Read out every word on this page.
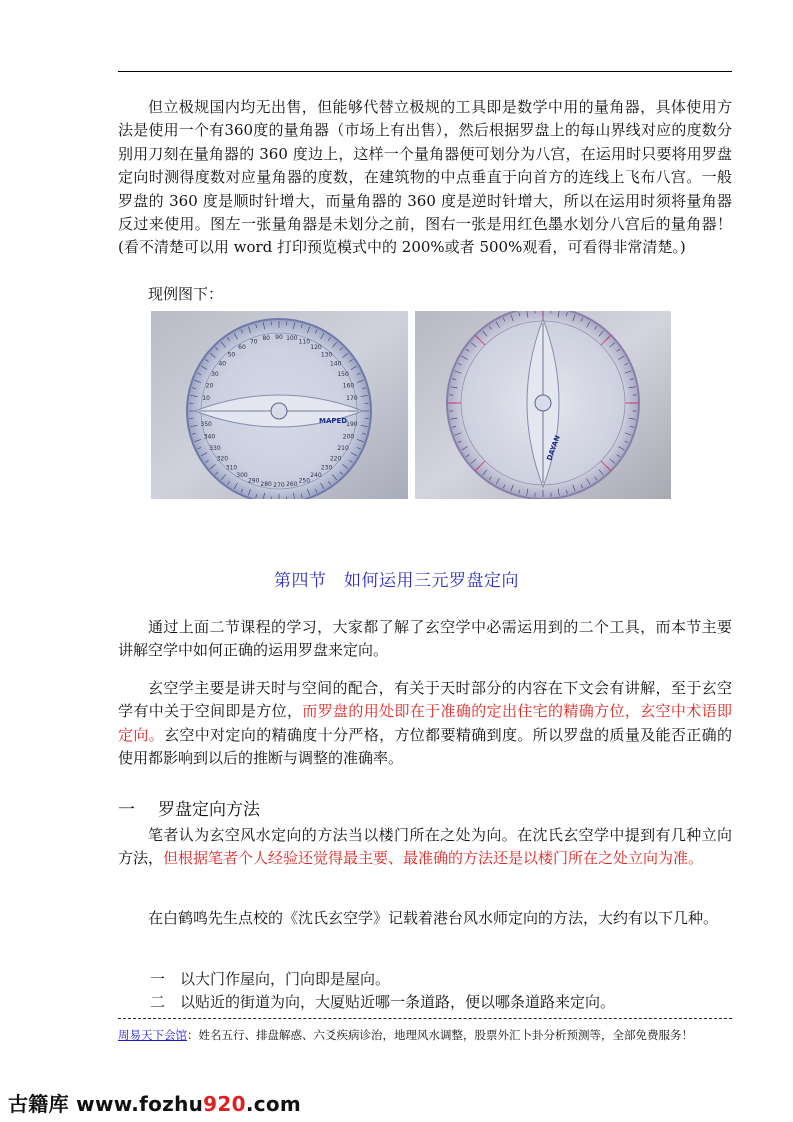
但立极规国内均无出售，但能够代替立极规的工具即是数学中用的量角器，具体使用方法是使用一个有360度的量角器（市场上有出售），然后根据罗盘上的每山界线对应的度数分别用刀刻在量角器的 360 度边上，这样一个量角器便可划分为八宫，在运用时只要将用罗盘定向时测得度数对应量角器的度数，在建筑物的中点垂直于向首方的连线上飞布八宫。一般罗盘的 360 度是顺时针增大，而量角器的 360 度是逆时针增大，所以在运用时须将量角器反过来使用。图左一张量角器是未划分之前，图右一张是用红色墨水划分八宫后的量角器！(看不清楚可以用 word 打印预览模式中的 200%或者 500%观看，可看得非常清楚。)

现例图下：

90 100 110
120
130
140
150
160
170
190
200
210
220
230
240
250
260
270
280
290
300
310
320
330
340
350
10
20
30
40
50
60
70 80
MAPED
DAYAN
第四节　如何运用三元罗盘定向

通过上面二节课程的学习，大家都了解了玄空学中必需运用到的二个工具，而本节主要讲解空学中如何正确的运用罗盘来定向。

玄空学主要是讲天时与空间的配合，有关于天时部分的内容在下文会有讲解，至于玄空学有中关于空间即是方位，而罗盘的用处即在于准确的定出住宅的精确方位，玄空中术语即定向。玄空中对定向的精确度十分严格，方位都要精确到度。所以罗盘的质量及能否正确的使用都影响到以后的推断与调整的准确率。

一 罗盘定向方法

笔者认为玄空风水定向的方法当以楼门所在之处为向。在沈氏玄空学中提到有几种立向方法，但根据笔者个人经验还觉得最主要、最准确的方法还是以楼门所在之处立向为准。

在白鹤鸣先生点校的《沈氏玄空学》记载着港台风水师定向的方法，大约有以下几种。

一　 以大门作屋向，门向即是屋向。

二　 以贴近的街道为向，大厦贴近哪一条道路，便以哪条道路来定向。

周易天下会馆：姓名五行、排盘解惑、六爻疾病诊治，地理风水调整，股票外汇卜卦分析预测等，全部免费服务！
古籍库 www.fozhu920.com
